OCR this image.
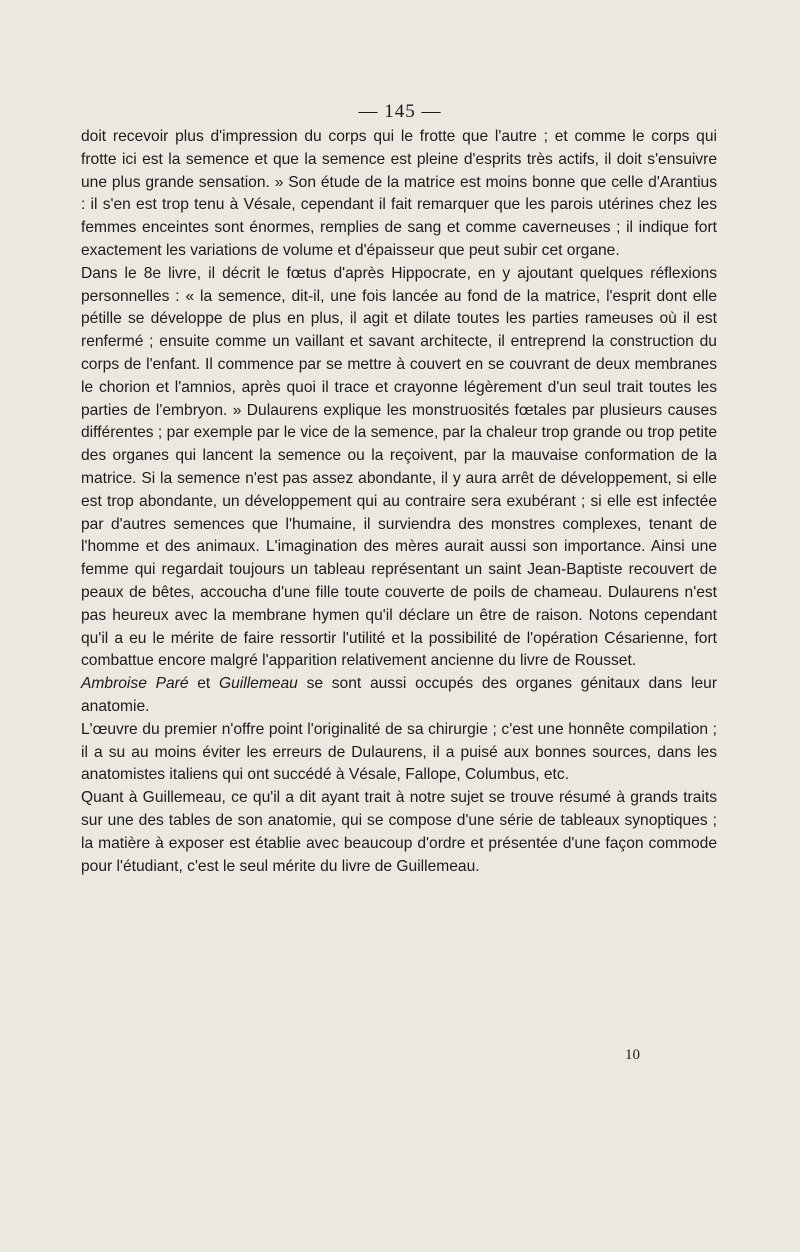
— 145 —

doit recevoir plus d'impression du corps qui le frotte que l'autre ; et comme le corps qui frotte ici est la semence et que la semence est pleine d'esprits très actifs, il doit s'ensuivre une plus grande sensation. » Son étude de la matrice est moins bonne que celle d'Arantius : il s'en est trop tenu à Vésale, cependant il fait remarquer que les parois utérines chez les femmes enceintes sont énormes, remplies de sang et comme caverneuses ; il indique fort exactement les variations de volume et d'épaisseur que peut subir cet organe.

Dans le 8e livre, il décrit le fœtus d'après Hippocrate, en y ajoutant quelques réflexions personnelles : « la semence, dit-il, une fois lancée au fond de la matrice, l'esprit dont elle pétille se développe de plus en plus, il agit et dilate toutes les parties rameuses où il est renfermé ; ensuite comme un vaillant et savant architecte, il entreprend la construction du corps de l'enfant. Il commence par se mettre à couvert en se couvrant de deux membranes le chorion et l'amnios, après quoi il trace et crayonne légèrement d'un seul trait toutes les parties de l'embryon. » Dulaurens explique les monstruosités fœtales par plusieurs causes différentes ; par exemple par le vice de la semence, par la chaleur trop grande ou trop petite des organes qui lancent la semence ou la reçoivent, par la mauvaise conformation de la matrice. Si la semence n'est pas assez abondante, il y aura arrêt de développement, si elle est trop abondante, un développement qui au contraire sera exubérant ; si elle est infectée par d'autres semences que l'humaine, il surviendra des monstres complexes, tenant de l'homme et des animaux. L'imagination des mères aurait aussi son importance. Ainsi une femme qui regardait toujours un tableau représentant un saint Jean-Baptiste recouvert de peaux de bêtes, accoucha d'une fille toute couverte de poils de chameau. Dulaurens n'est pas heureux avec la membrane hymen qu'il déclare un être de raison. Notons cependant qu'il a eu le mérite de faire ressortir l'utilité et la possibilité de l'opération Césarienne, fort combattue encore malgré l'apparition relativement ancienne du livre de Rousset.

Ambroise Paré et Guillemeau se sont aussi occupés des organes génitaux dans leur anatomie.

L'œuvre du premier n'offre point l'originalité de sa chirurgie ; c'est une honnête compilation ; il a su au moins éviter les erreurs de Dulaurens, il a puisé aux bonnes sources, dans les anatomistes italiens qui ont succédé à Vésale, Fallope, Columbus, etc.

Quant à Guillemeau, ce qu'il a dit ayant trait à notre sujet se trouve résumé à grands traits sur une des tables de son anatomie, qui se compose d'une série de tableaux synoptiques ; la matière à exposer est établie avec beaucoup d'ordre et présentée d'une façon commode pour l'étudiant, c'est le seul mérite du livre de Guillemeau.

10
